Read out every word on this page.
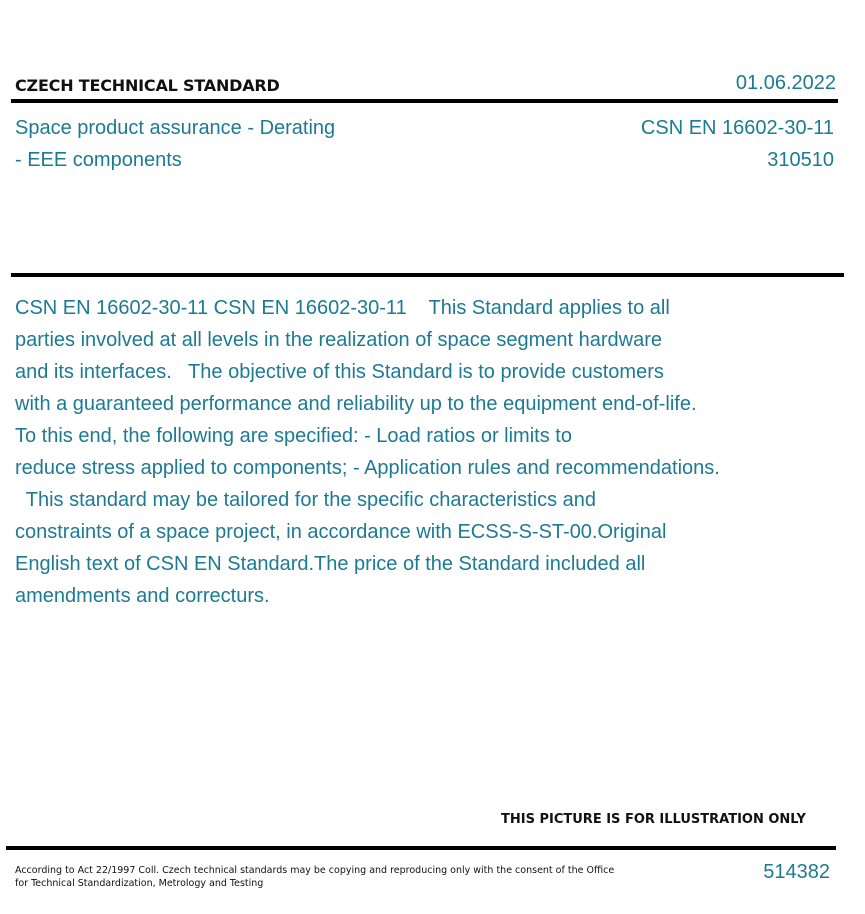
CZECH TECHNICAL STANDARD	01.06.2022
Space product assurance - Derating
- EEE components
CSN EN 16602-30-11
310510
CSN EN 16602-30-11 CSN EN 16602-30-11    This Standard applies to all
parties involved at all levels in the realization of space segment hardware
and its interfaces.   The objective of this Standard is to provide customers
with a guaranteed performance and reliability up to the equipment end-of-life.
To this end, the following are specified: - Load ratios or limits to
reduce stress applied to components; - Application rules and recommendations.
This standard may be tailored for the specific characteristics and
constraints of a space project, in accordance with ECSS-S-ST-00.Original
English text of CSN EN Standard.The price of the Standard included all
amendments and correcturs.
THIS PICTURE IS FOR ILLUSTRATION ONLY
According to Act 22/1997 Coll. Czech technical standards may be copying and reproducing only with the consent of the Office
for Technical Standardization, Metrology and Testing
514382
